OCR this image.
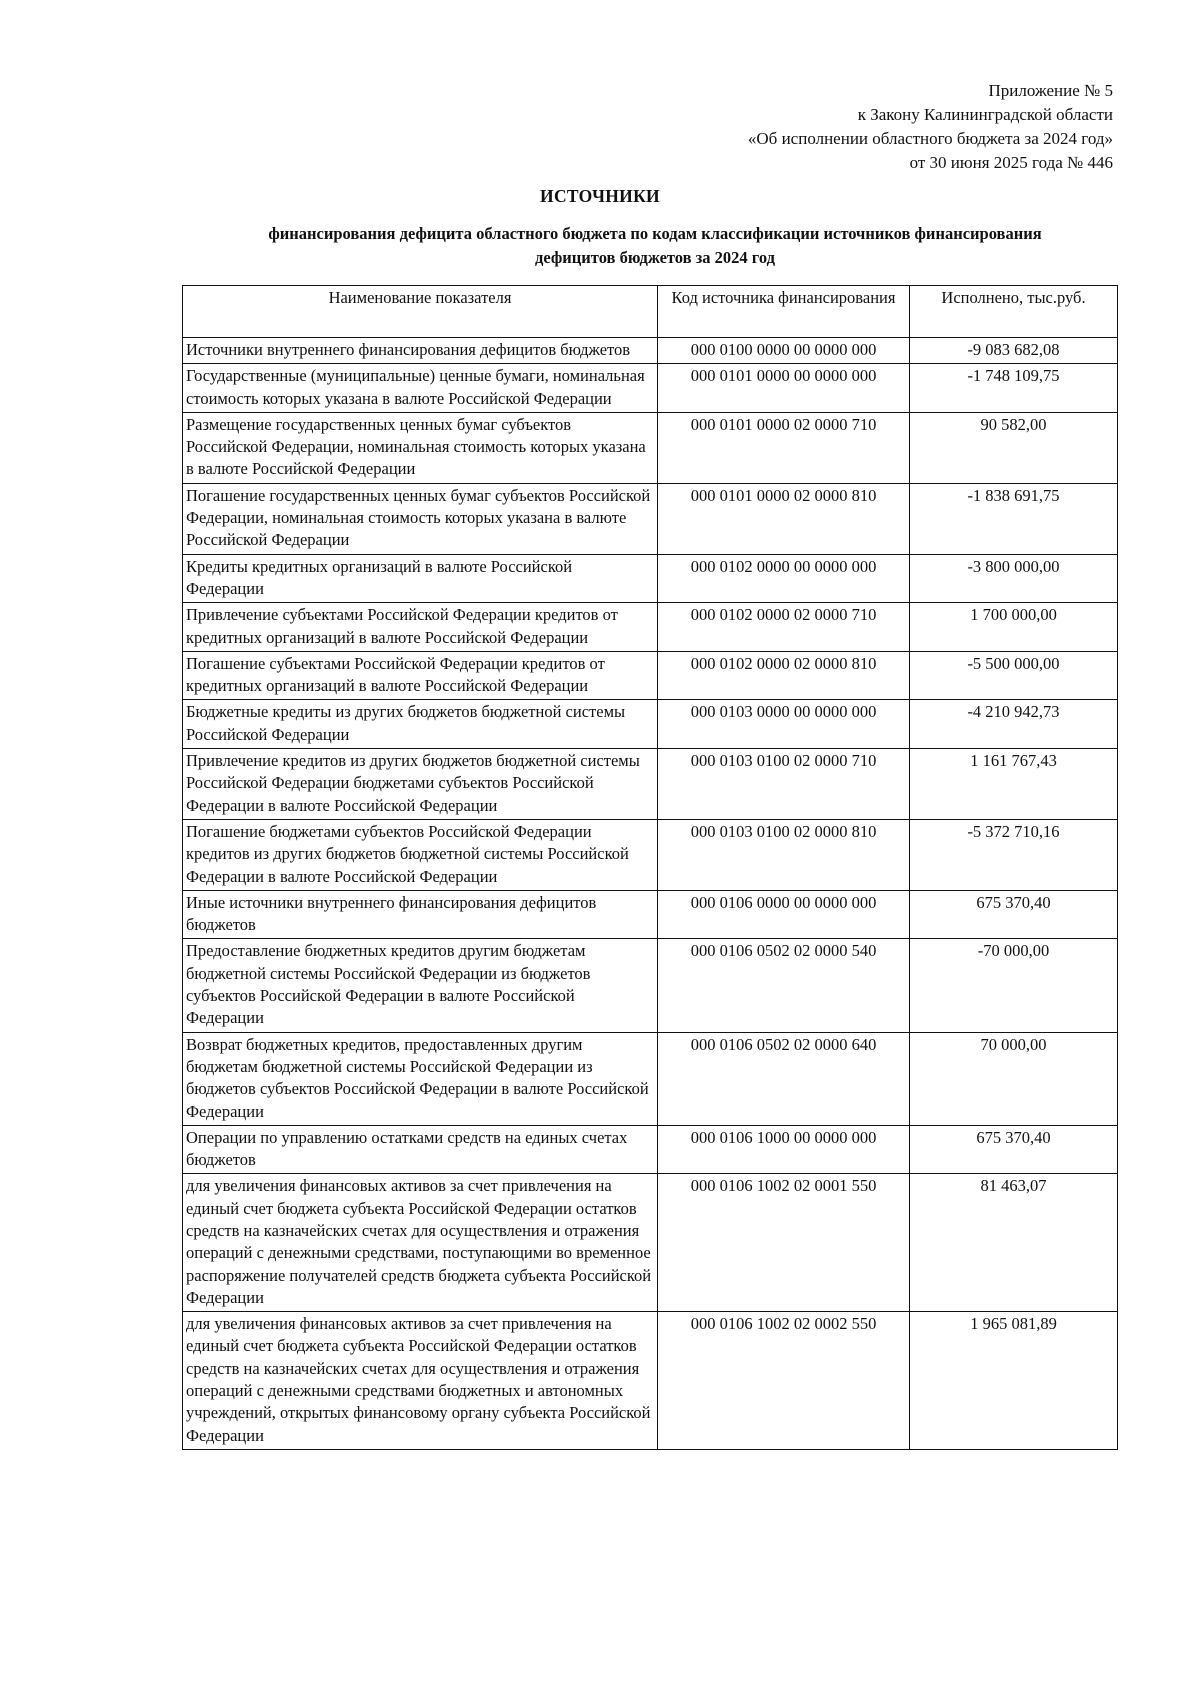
Приложение № 5
к Закону Калининградской области
«Об исполнении областного бюджета за 2024 год»
от 30 июня 2025 года № 446
ИСТОЧНИКИ
финансирования дефицита областного бюджета по кодам классификации источников финансирования
дефицитов бюджетов за 2024 год
Наименование показателя	Код источника финансирования	Исполнено, тыс.руб.
Источники внутреннего финансирования дефицитов бюджетов	000 0100 0000 00 0000 000	-9 083 682,08
Государственные (муниципальные) ценные бумаги, номинальная стоимость которых указана в валюте Российской Федерации	000 0101 0000 00 0000 000	-1 748 109,75
Размещение государственных ценных бумаг субъектов Российской Федерации, номинальная стоимость которых указана в валюте Российской Федерации	000 0101 0000 02 0000 710	90 582,00
Погашение государственных ценных бумаг субъектов Российской Федерации, номинальная стоимость которых указана в валюте Российской Федерации	000 0101 0000 02 0000 810	-1 838 691,75
Кредиты кредитных организаций в валюте Российской Федерации	000 0102 0000 00 0000 000	-3 800 000,00
Привлечение субъектами Российской Федерации кредитов от кредитных организаций в валюте Российской Федерации	000 0102 0000 02 0000 710	1 700 000,00
Погашение субъектами Российской Федерации кредитов от кредитных организаций в валюте Российской Федерации	000 0102 0000 02 0000 810	-5 500 000,00
Бюджетные кредиты из других бюджетов бюджетной системы Российской Федерации	000 0103 0000 00 0000 000	-4 210 942,73
Привлечение кредитов из других бюджетов бюджетной системы Российской Федерации бюджетами субъектов Российской Федерации в валюте Российской Федерации	000 0103 0100 02 0000 710	1 161 767,43
Погашение бюджетами субъектов Российской Федерации кредитов из других бюджетов бюджетной системы Российской Федерации в валюте Российской Федерации	000 0103 0100 02 0000 810	-5 372 710,16
Иные источники внутреннего финансирования дефицитов бюджетов	000 0106 0000 00 0000 000	675 370,40
Предоставление бюджетных кредитов другим бюджетам бюджетной системы Российской Федерации из бюджетов субъектов Российской Федерации в валюте Российской Федерации	000 0106 0502 02 0000 540	-70 000,00
Возврат бюджетных кредитов, предоставленных другим бюджетам бюджетной системы Российской Федерации из бюджетов субъектов Российской Федерации в валюте Российской Федерации	000 0106 0502 02 0000 640	70 000,00
Операции по управлению остатками средств на единых счетах бюджетов	000 0106 1000 00 0000 000	675 370,40
для увеличения финансовых активов за счет привлечения на единый счет бюджета субъекта Российской Федерации остатков средств на казначейских счетах для осуществления и отражения операций с денежными средствами, поступающими во временное распоряжение получателей средств бюджета субъекта Российской Федерации	000 0106 1002 02 0001 550	81 463,07
для увеличения финансовых активов за счет привлечения на единый счет бюджета субъекта Российской Федерации остатков средств на казначейских счетах для осуществления и отражения операций с денежными средствами бюджетных и автономных учреждений, открытых финансовому органу субъекта Российской Федерации	000 0106 1002 02 0002 550	1 965 081,89
